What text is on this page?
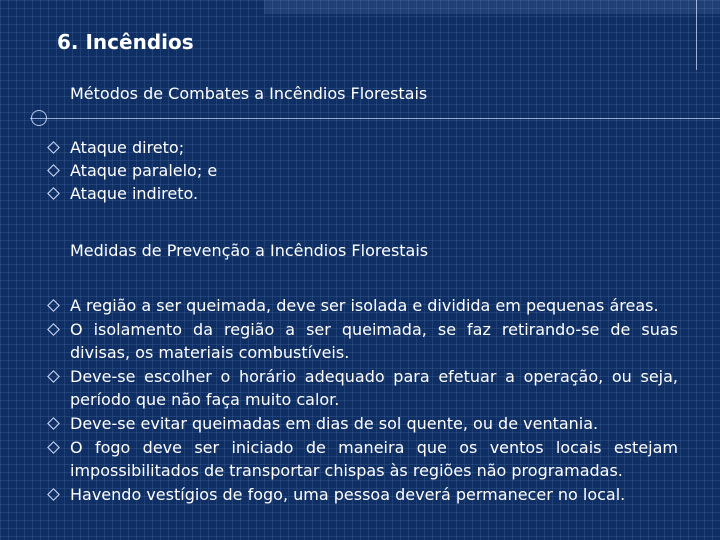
6. Incêndios
Métodos de Combates a Incêndios Florestais
Ataque direto;
Ataque paralelo; e
Ataque indireto.
Medidas de Prevenção a Incêndios Florestais
A região a ser queimada, deve ser isolada e dividida em pequenas áreas.
O isolamento da região a ser queimada, se faz retirando-se de suas divisas, os materiais combustíveis.
Deve-se escolher o horário adequado para efetuar a operação, ou seja, período que não faça muito calor.
Deve-se evitar queimadas em dias de sol quente, ou de ventania.
O fogo deve ser iniciado de maneira que os ventos locais estejam impossibilitados de transportar chispas às regiões não programadas.
Havendo vestígios de fogo, uma pessoa deverá permanecer no local.
